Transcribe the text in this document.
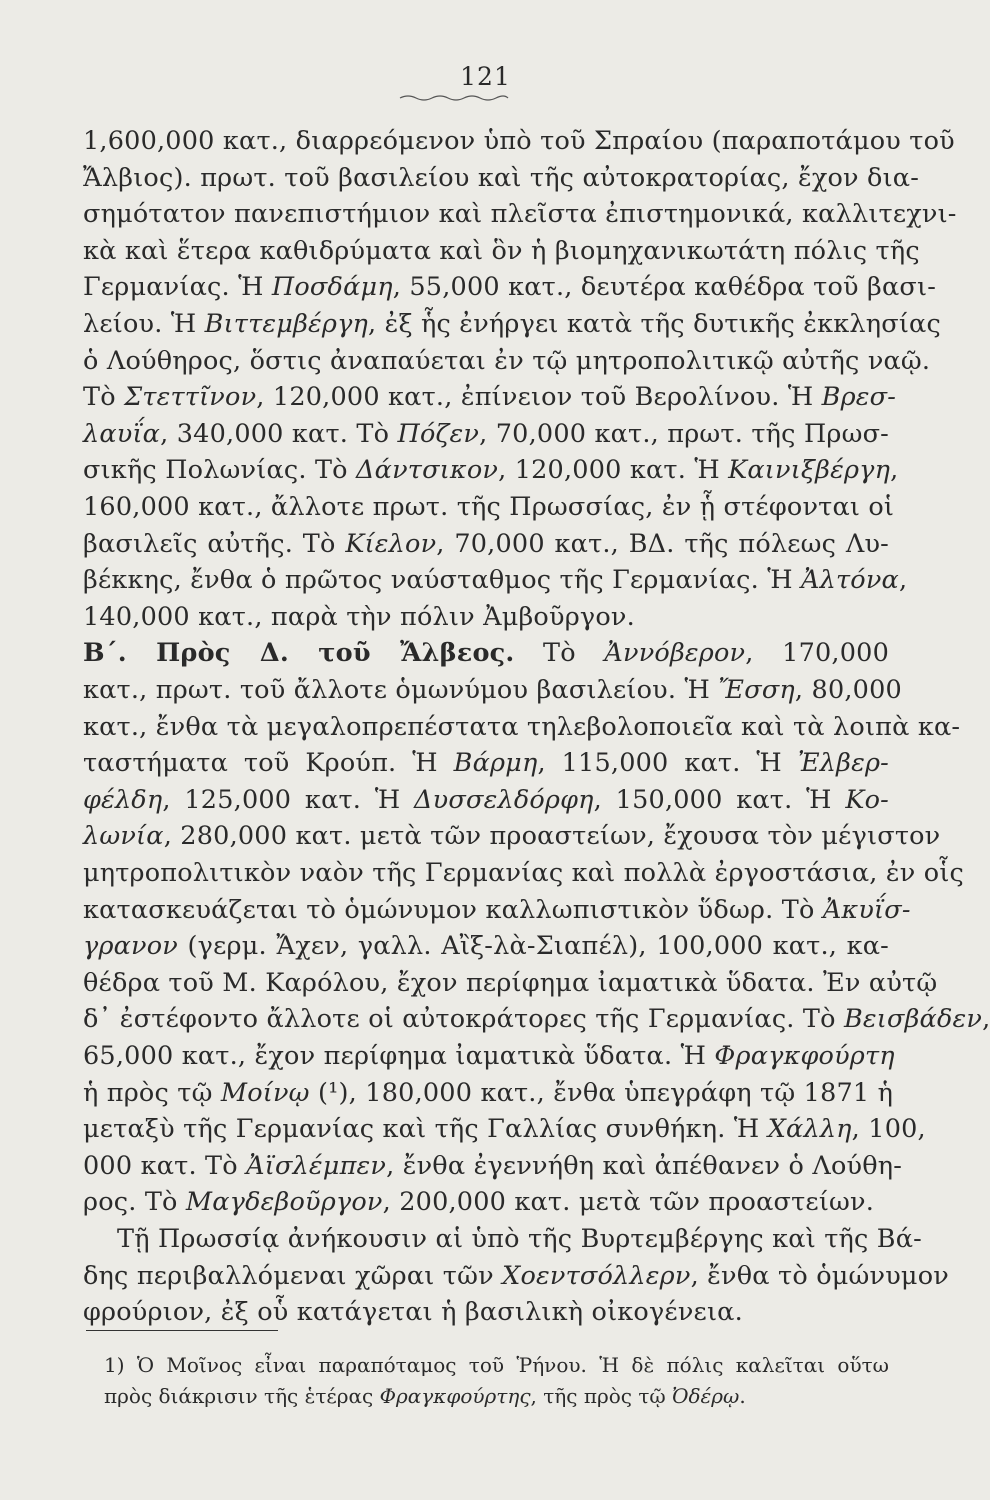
121
1,600,000 κατ., διαρρεόμενον ὑπὸ τοῦ Σπραίου (παραποτάμου τοῦ
Ἄλβιος). πρωτ. τοῦ βασιλείου καὶ τῆς αὐτοκρατορίας, ἔχον δια-
σημότατον πανεπιστήμιον καὶ πλεῖστα ἐπιστημονικά, καλλιτεχνι-
κὰ καὶ ἕτερα καθιδρύματα καὶ ὃν ἡ βιομηχανικωτάτη πόλις τῆς
Γερμανίας. Ἡ Ποσδάμη, 55,000 κατ., δευτέρα καθέδρα τοῦ βασι-
λείου. Ἡ Βιττεμβέργη, ἐξ ἧς ἐνήργει κατὰ τῆς δυτικῆς ἐκκλησίας
ὁ Λούθηρος, ὅστις ἀναπαύεται ἐν τῷ μητροπολιτικῷ αὐτῆς ναῷ.
Τὸ Στεττῖνον, 120,000 κατ., ἐπίνειον τοῦ Βερολίνου. Ἡ Βρεσ-
λαυΐα, 340,000 κατ. Τὸ Πόζεν, 70,000 κατ., πρωτ. τῆς Πρωσ-
σικῆς Πολωνίας. Τὸ Δάντσικον, 120,000 κατ. Ἡ Καινιξβέργη,
160,000 κατ., ἄλλοτε πρωτ. τῆς Πρωσσίας, ἐν ᾗ στέφονται οἱ
βασιλεῖς αὐτῆς. Τὸ Κίελον, 70,000 κατ., ΒΔ. τῆς πόλεως Λυ-
βέκκης, ἔνθα ὁ πρῶτος ναύσταθμος τῆς Γερμανίας. Ἡ Ἀλτόνα,
140,000 κατ., παρὰ τὴν πόλιν Ἀμβοῦργον.
Β΄. Πρὸς Δ. τοῦ Ἄλβεος. Τὸ Ἀννόβερον, 170,000
κατ., πρωτ. τοῦ ἄλλοτε ὁμωνύμου βασιλείου. Ἡ Ἔσση, 80,000
κατ., ἔνθα τὰ μεγαλοπρεπέστατα τηλεβολοποιεῖα καὶ τὰ λοιπὰ κα-
ταστήματα τοῦ Κρούπ. Ἡ Βάρμη, 115,000 κατ. Ἡ Ἐλβερ-
φέλδη, 125,000 κατ. Ἡ Δυσσελδόρφη, 150,000 κατ. Ἡ Κο-
λωνία, 280,000 κατ. μετὰ τῶν προαστείων, ἔχουσα τὸν μέγιστον
μητροπολιτικὸν ναὸν τῆς Γερμανίας καὶ πολλὰ ἐργοστάσια, ἐν οἷς
κατασκευάζεται τὸ ὁμώνυμον καλλωπιστικὸν ὕδωρ. Τὸ Ἀκυΐσ-
γρανον (γερμ. Ἄχεν, γαλλ. Αἲξ-λὰ-Σιαπέλ), 100,000 κατ., κα-
θέδρα τοῦ Μ. Καρόλου, ἔχον περίφημα ἰαματικὰ ὕδατα. Ἐν αὐτῷ
δ᾽ ἐστέφοντο ἄλλοτε οἱ αὐτοκράτορες τῆς Γερμανίας. Τὸ Βεισβάδεν,
65,000 κατ., ἔχον περίφημα ἰαματικὰ ὕδατα. Ἡ Φραγκφούρτη
ἡ πρὸς τῷ Μοίνῳ (¹), 180,000 κατ., ἔνθα ὑπεγράφη τῷ 1871 ἡ
μεταξὺ τῆς Γερμανίας καὶ τῆς Γαλλίας συνθήκη. Ἡ Χάλλη, 100,
000 κατ. Τὸ Ἀϊσλέμπεν, ἔνθα ἐγεννήθη καὶ ἀπέθανεν ὁ Λούθη-
ρος. Τὸ Μαγδεβοῦργον, 200,000 κατ. μετὰ τῶν προαστείων.
Τῇ Πρωσσίᾳ ἀνήκουσιν αἱ ὑπὸ τῆς Βυρτεμβέργης καὶ τῆς Βά-
δης περιβαλλόμεναι χῶραι τῶν Χοεντσόλλερν, ἔνθα τὸ ὁμώνυμον
φρούριον, ἐξ οὗ κατάγεται ἡ βασιλικὴ οἰκογένεια.
1) Ὁ Μοῖνος εἶναι παραπόταμος τοῦ Ῥήνου. Ἡ δὲ πόλις καλεῖται οὕτω
πρὸς διάκρισιν τῆς ἑτέρας Φραγκφούρτης, τῆς πρὸς τῷ Ὀδέρῳ.
